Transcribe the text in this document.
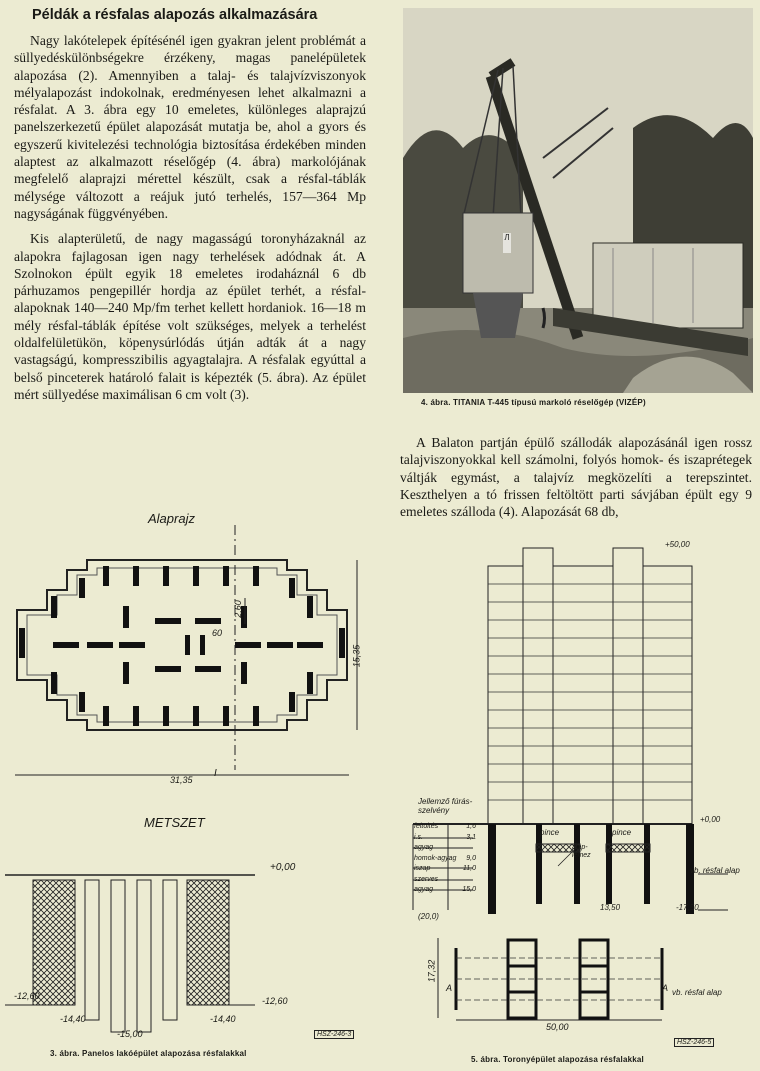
Példák a résfalas alapozás alkalmazására

Nagy lakótelepek építésénél igen gyakran jelent problémát a süllyedéskülönbségekre érzékeny, magas panelépületek alapozása (2). Amennyiben a talaj- és talajvízviszonyok mélyalapozást indokolnak, eredményesen lehet alkalmazni a résfalat. A 3. ábra egy 10 emeletes, különleges alaprajzú panelszerkezetű épület alapozását mutatja be, ahol a gyors és egyszerű kivitelezési technológia biztosítása érdekében minden alaptest az alkalmazott réselőgép (4. ábra) markolójának megfelelő alaprajzi mérettel készült, csak a résfal-táblák mélysége változott a reájuk jutó terhelés, 157—364 Mp nagyságának függvényében.

Kis alapterületű, de nagy magasságú toronyházaknál az alapokra fajlagosan igen nagy terhelések adódnak át. A Szolnokon épült egyik 18 emeletes irodaháznál 6 db párhuzamos pengepillér hordja az épület terhét, a résfal-alapoknak 140—240 Mp/fm terhet kellett hordaniok. 16—18 m mély résfal-táblák építése volt szükséges, melyek a terhelést oldalfelületükön, köpenysúrlódás útján adták át a nagy vastagságú, kompresszibilis agyagtalajra. A résfalak egyúttal a belső pinceterek határoló falait is képezték (5. ábra). Az épület mért süllyedése maximálisan 6 cm volt (3).

Л
4. ábra. TITANIA T-445 típusú markoló réselőgép (VIZÉP)

A Balaton partján épülő szállodák alapozásánál igen rossz talajviszonyokkal kell számolni, folyós homok- és iszaprétegek váltják egymást, a talajvíz megközelíti a terepszintet. Keszthelyen a tó frissen feltöltött parti sávjában épült egy 9 emeletes szálloda (4). Alapozását 68 db,

Alaprajz
2,60
60
15,35
31,35
I
METSZET
+0,00
-12,60	-12,60
-14,40	-14,40
-15,00	HSZ-246-3
3. ábra. Panelos lakóépület alapozása résfalakkal
+50,00
Jellemző fúrás-szelvény
+0,00
pince	pince
alap-lemez
feltöltés	1,6
i.s.	3,1
agyag
homok-agyag 9,0
iszap	11,0
szerves
agyag	15,0
vb. résfal alap
-17,50
(20,0)
13,50
17,32
A	A vb. résfal alap
50,00
HSZ-246-5
5. ábra. Toronyépület alapozása résfalakkal
